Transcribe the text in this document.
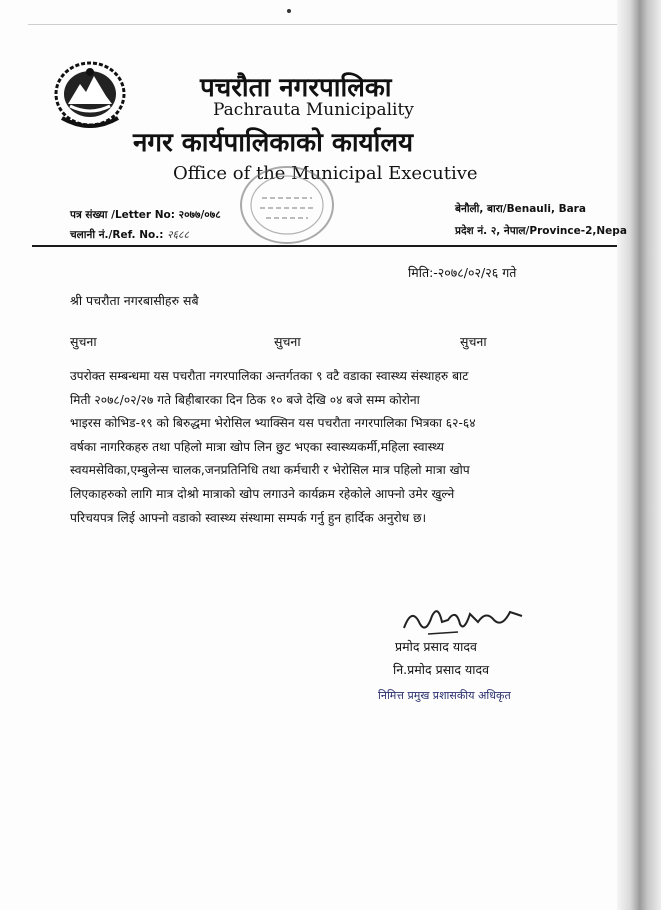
पचरौता नगरपालिका
Pachrauta Municipality
नगर कार्यपालिकाको कार्यालय
Office of the Municipal Executive
पत्र संख्या /Letter No: २०७७/०७८
चलानी नं./Ref. No.: २६८८
बेनौली, बारा/Benauli, Bara
प्रदेश नं. २, नेपाल/Province-2,Nepa
मिति:-२०७८/०२/२६ गते
श्री पचरौता नगरबासीहरु सबै
सुचना	सुचना	सुचना
उपरोक्त सम्बन्धमा यस पचरौता नगरपालिका अन्तर्गतका ९ वटै वडाका स्वास्थ्य संस्थाहरु बाट
मिती २०७८/०२/२७ गते बिहीबारका दिन ठिक १० बजे देखि ०४ बजे सम्म कोरोना
भाइरस कोभिड-१९ को बिरुद्धमा भेरोसिल भ्याक्सिन यस पचरौता नगरपालिका भित्रका ६२-६४
वर्षका नागरिकहरु तथा पहिलो मात्रा खोप लिन छुट भएका स्वास्थ्यकर्मी,महिला स्वास्थ्य
स्वयमसेविका,एम्बुलेन्स चालक,जनप्रतिनिधि तथा कर्मचारी र भेरोसिल मात्र पहिलो मात्रा खोप
लिएकाहरुको लागि मात्र दोश्रो मात्राको खोप लगाउने कार्यक्रम रहेकोले आफ्नो उमेर खुल्ने
परिचयपत्र लिई आफ्नो वडाको स्वास्थ्य संस्थामा सम्पर्क गर्नु हुन हार्दिक अनुरोध छ।
प्रमोद प्रसाद यादव
नि.प्रमोद प्रसाद यादव
निमित्त प्रमुख प्रशासकीय अधिकृत
